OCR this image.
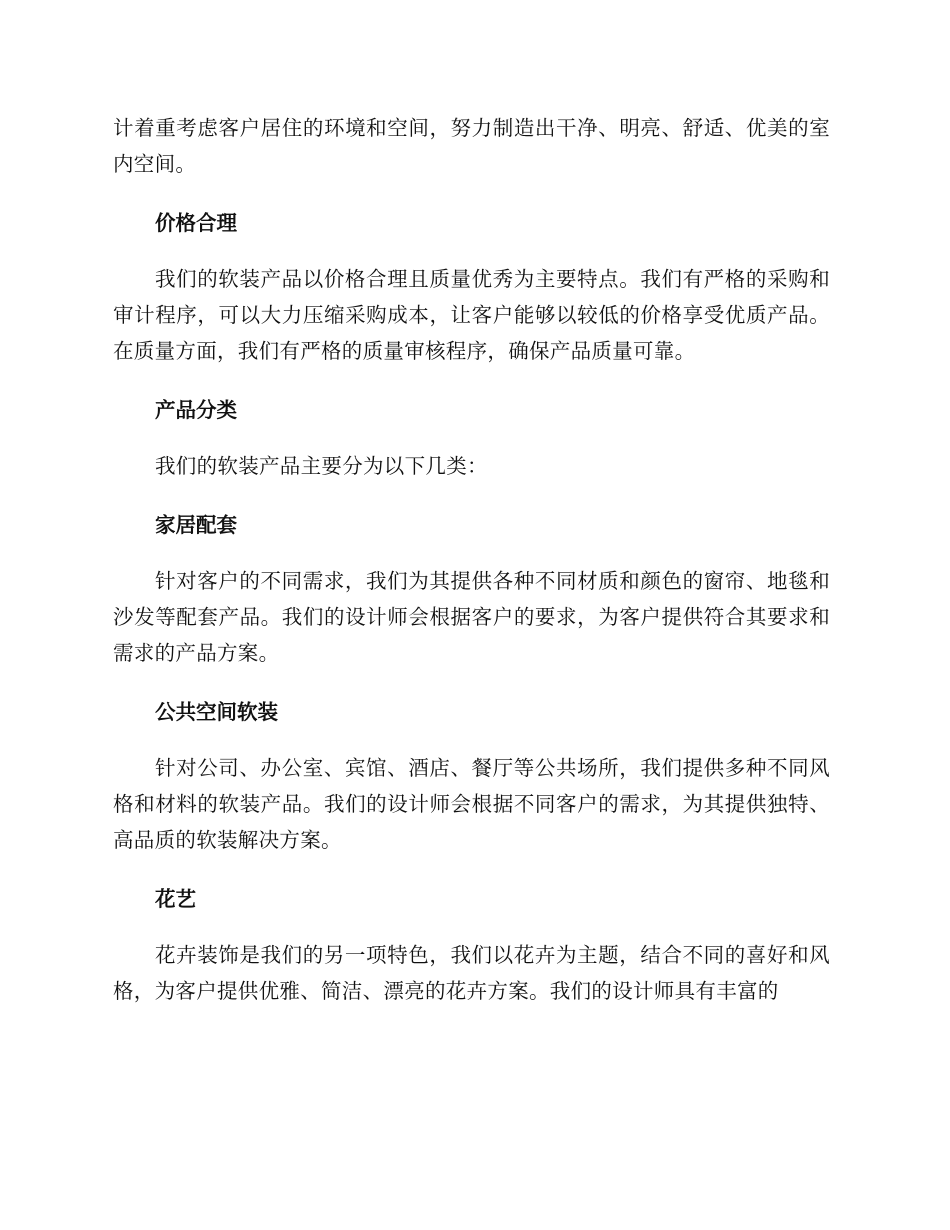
计着重考虑客户居住的环境和空间，努力制造出干净、明亮、舒适、优美的室内空间。

价格合理

我们的软装产品以价格合理且质量优秀为主要特点。我们有严格的采购和审计程序，可以大力压缩采购成本，让客户能够以较低的价格享受优质产品。在质量方面，我们有严格的质量审核程序，确保产品质量可靠。

产品分类

我们的软装产品主要分为以下几类：

家居配套

针对客户的不同需求，我们为其提供各种不同材质和颜色的窗帘、地毯和沙发等配套产品。我们的设计师会根据客户的要求，为客户提供符合其要求和需求的产品方案。

公共空间软装

针对公司、办公室、宾馆、酒店、餐厅等公共场所，我们提供多种不同风格和材料的软装产品。我们的设计师会根据不同客户的需求，为其提供独特、高品质的软装解决方案。

花艺

花卉装饰是我们的另一项特色，我们以花卉为主题，结合不同的喜好和风格，为客户提供优雅、简洁、漂亮的花卉方案。我们的设计师具有丰富的
